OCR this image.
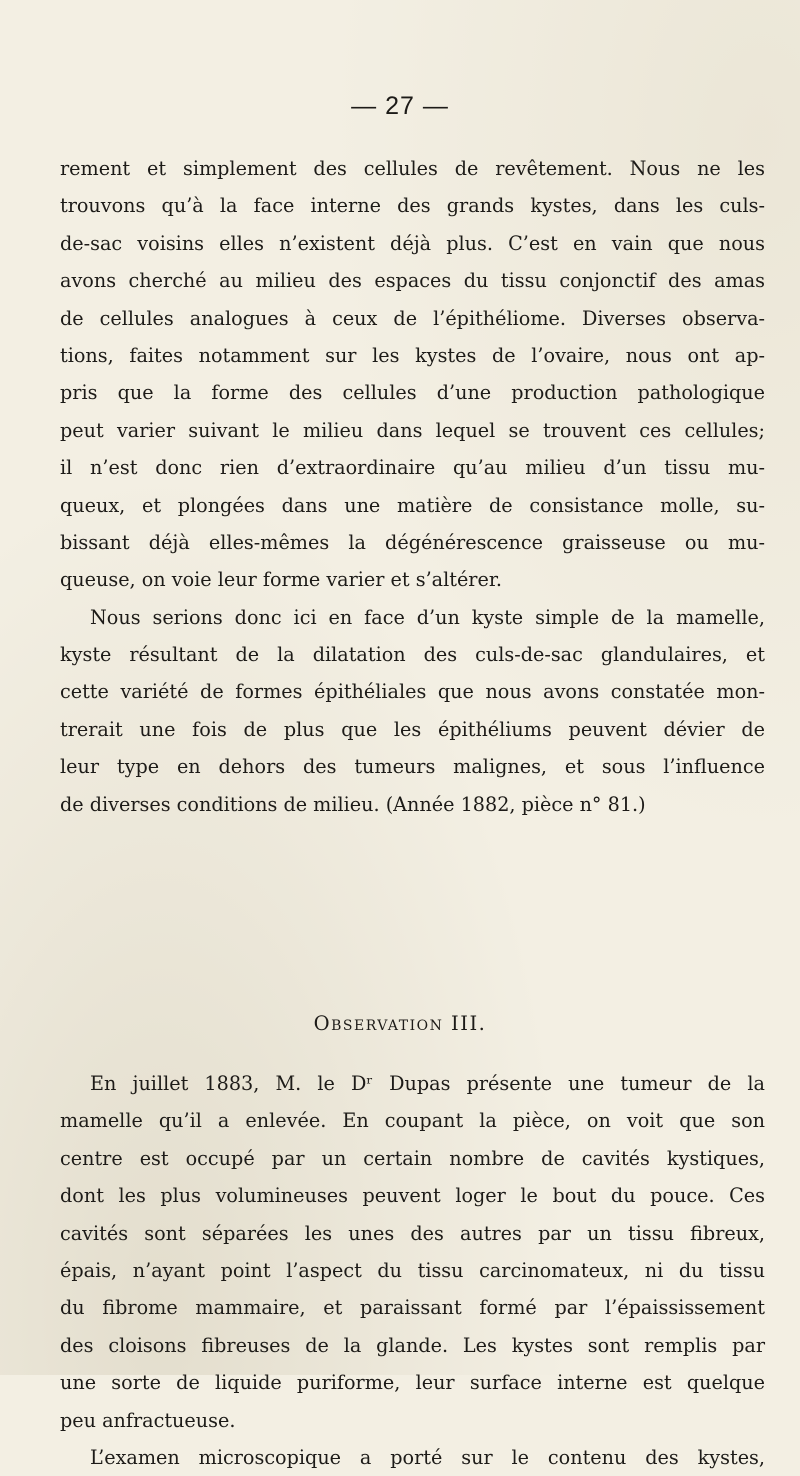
— 27 —
rement et simplement des cellules de revêtement. Nous ne les
trouvons qu’à la face interne des grands kystes, dans les culs-
de-sac voisins elles n’existent déjà plus. C’est en vain que nous
avons cherché au milieu des espaces du tissu conjonctif des amas
de cellules analogues à ceux de l’épithéliome. Diverses observa-
tions, faites notamment sur les kystes de l’ovaire, nous ont ap-
pris que la forme des cellules d’une production pathologique
peut varier suivant le milieu dans lequel se trouvent ces cellules;
il n’est donc rien d’extraordinaire qu’au milieu d’un tissu mu-
queux, et plongées dans une matière de consistance molle, su-
bissant déjà elles-mêmes la dégénérescence graisseuse ou mu-
queuse, on voie leur forme varier et s’altérer.
Nous serions donc ici en face d’un kyste simple de la mamelle,
kyste résultant de la dilatation des culs-de-sac glandulaires, et
cette variété de formes épithéliales que nous avons constatée mon-
trerait une fois de plus que les épithéliums peuvent dévier de
leur type en dehors des tumeurs malignes, et sous l’influence
de diverses conditions de milieu. (Année 1882, pièce n° 81.)
Observation III.
En juillet 1883, M. le Dʳ Dupas présente une tumeur de la
mamelle qu’il a enlevée. En coupant la pièce, on voit que son
centre est occupé par un certain nombre de cavités kystiques,
dont les plus volumineuses peuvent loger le bout du pouce. Ces
cavités sont séparées les unes des autres par un tissu fibreux,
épais, n’ayant point l’aspect du tissu carcinomateux, ni du tissu
du fibrome mammaire, et paraissant formé par l’épaississement
des cloisons fibreuses de la glande. Les kystes sont remplis par
une sorte de liquide puriforme, leur surface interne est quelque
peu anfractueuse.
L’examen microscopique a porté sur le contenu des kystes,
